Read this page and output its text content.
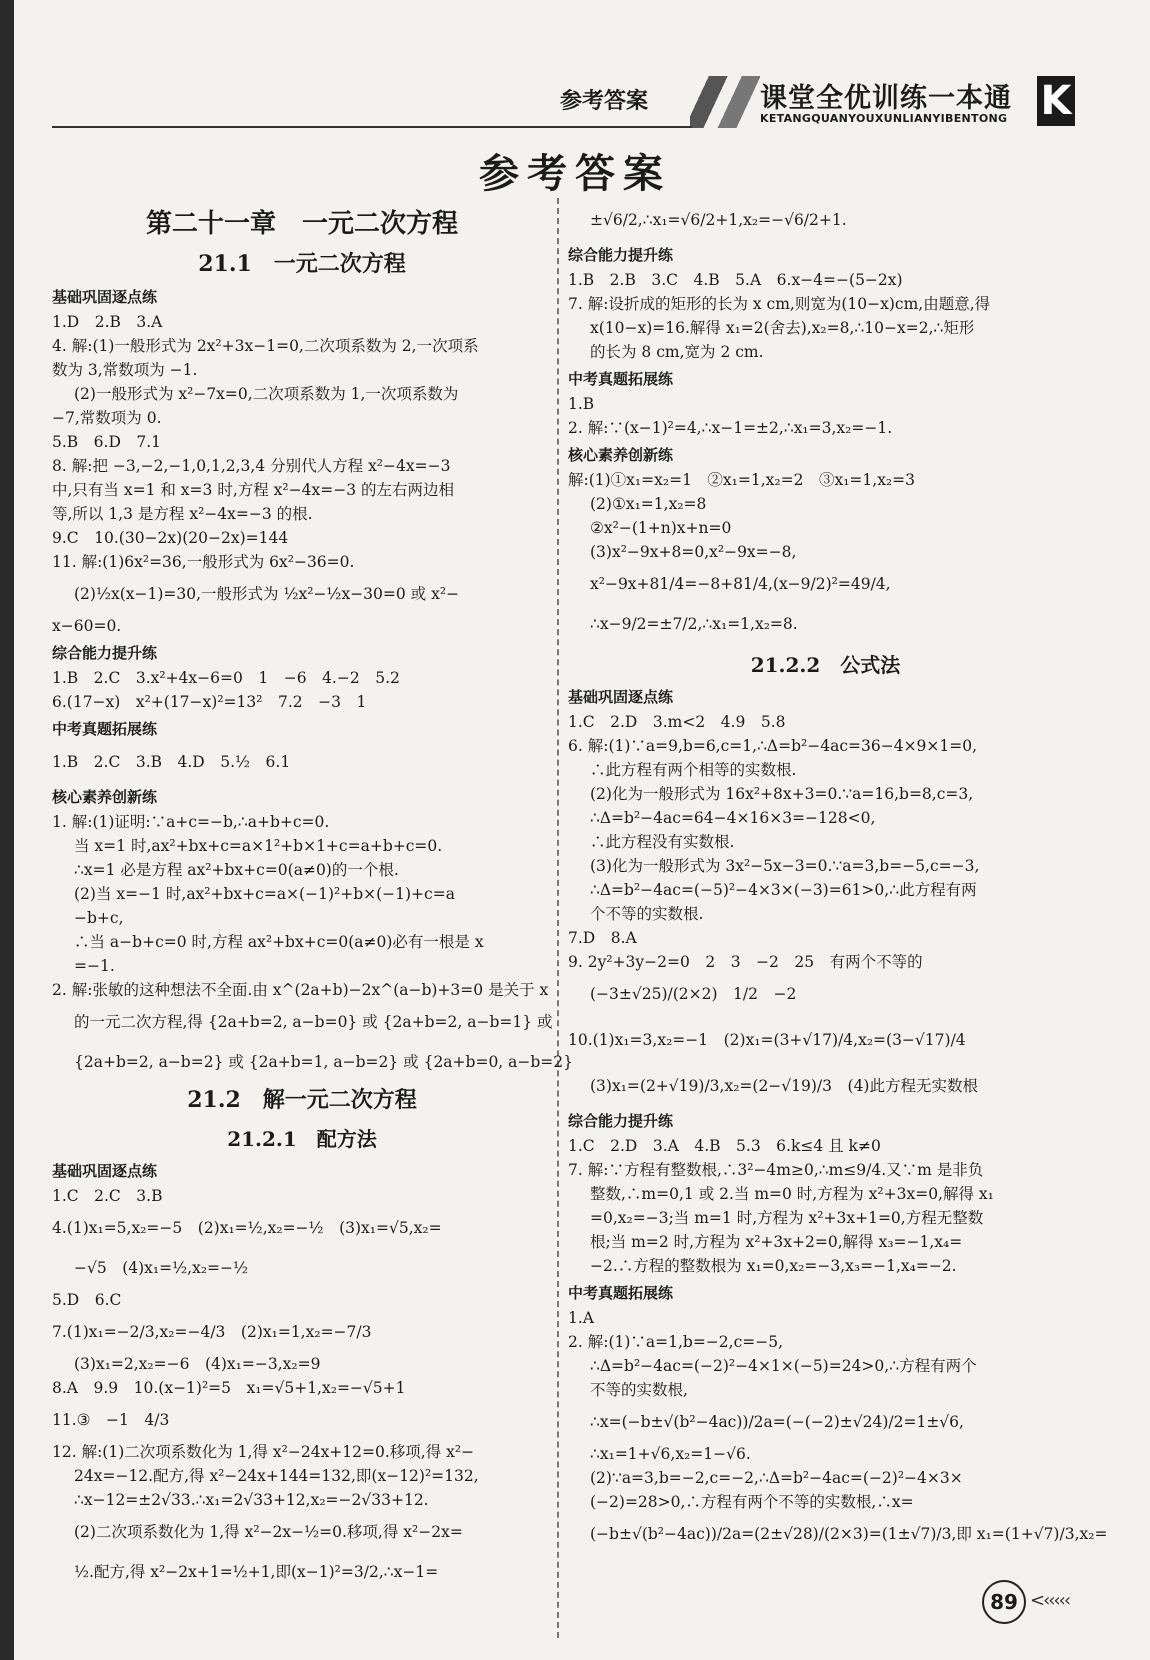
参考答案	课堂全优训练一本通
KETANGQUANYOUXUNLIANYIBENTONG K
参考答案
第二十一章　一元二次方程
21.1　一元二次方程
基础巩固逐点练
1.D　2.B　3.A
4. 解:(1)一般形式为 2x²+3x−1=0,二次项系数为 2,一次项系
数为 3,常数项为 −1.
(2)一般形式为 x²−7x=0,二次项系数为 1,一次项系数为
−7,常数项为 0.
5.B　6.D　7.1
8. 解:把 −3,−2,−1,0,1,2,3,4 分别代人方程 x²−4x=−3
中,只有当 x=1 和 x=3 时,方程 x²−4x=−3 的左右两边相
等,所以 1,3 是方程 x²−4x=−3 的根.
9.C　10.(30−2x)(20−2x)=144
11. 解:(1)6x²=36,一般形式为 6x²−36=0.
(2)½x(x−1)=30,一般形式为 ½x²−½x−30=0 或 x²−
x−60=0.
综合能力提升练
1.B　2.C　3.x²+4x−6=0　1　−6　4.−2　5.2
6.(17−x)　x²+(17−x)²=13²　7.2　−3　1
中考真题拓展练
1.B　2.C　3.B　4.D　5.½　6.1
核心素养创新练
1. 解:(1)证明:∵a+c=−b,∴a+b+c=0.
当 x=1 时,ax²+bx+c=a×1²+b×1+c=a+b+c=0.
∴x=1 必是方程 ax²+bx+c=0(a≠0)的一个根.
(2)当 x=−1 时,ax²+bx+c=a×(−1)²+b×(−1)+c=a
−b+c,
∴当 a−b+c=0 时,方程 ax²+bx+c=0(a≠0)必有一根是 x
=−1.
2. 解:张敏的这种想法不全面.由 x^(2a+b)−2x^(a−b)+3=0 是关于 x
的一元二次方程,得 {2a+b=2, a−b=0} 或 {2a+b=2, a−b=1} 或
{2a+b=2, a−b=2} 或 {2a+b=1, a−b=2} 或 {2a+b=0, a−b=2}
21.2　解一元二次方程
21.2.1　配方法
基础巩固逐点练
1.C　2.C　3.B
4.(1)x₁=5,x₂=−5　(2)x₁=½,x₂=−½　(3)x₁=√5,x₂=
−√5　(4)x₁=½,x₂=−½
5.D　6.C
7.(1)x₁=−2/3,x₂=−4/3　(2)x₁=1,x₂=−7/3
(3)x₁=2,x₂=−6　(4)x₁=−3,x₂=9
8.A　9.9　10.(x−1)²=5　x₁=√5+1,x₂=−√5+1
11.③　−1　4/3
12. 解:(1)二次项系数化为 1,得 x²−24x+12=0.移项,得 x²−
24x=−12.配方,得 x²−24x+144=132,即(x−12)²=132,
∴x−12=±2√33.∴x₁=2√33+12,x₂=−2√33+12.
(2)二次项系数化为 1,得 x²−2x−½=0.移项,得 x²−2x=
½.配方,得 x²−2x+1=½+1,即(x−1)²=3/2,∴x−1=
±√6/2,∴x₁=√6/2+1,x₂=−√6/2+1.
综合能力提升练
1.B　2.B　3.C　4.B　5.A　6.x−4=−(5−2x)
7. 解:设折成的矩形的长为 x cm,则宽为(10−x)cm,由题意,得
x(10−x)=16.解得 x₁=2(舍去),x₂=8,∴10−x=2,∴矩形
的长为 8 cm,宽为 2 cm.
中考真题拓展练
1.B
2. 解:∵(x−1)²=4,∴x−1=±2,∴x₁=3,x₂=−1.
核心素养创新练
解:(1)①x₁=x₂=1　②x₁=1,x₂=2　③x₁=1,x₂=3
(2)①x₁=1,x₂=8
②x²−(1+n)x+n=0
(3)x²−9x+8=0,x²−9x=−8,
x²−9x+81/4=−8+81/4,(x−9/2)²=49/4,
∴x−9/2=±7/2,∴x₁=1,x₂=8.
21.2.2　公式法
基础巩固逐点练
1.C　2.D　3.m<2　4.9　5.8
6. 解:(1)∵a=9,b=6,c=1,∴Δ=b²−4ac=36−4×9×1=0,
∴此方程有两个相等的实数根.
(2)化为一般形式为 16x²+8x+3=0.∵a=16,b=8,c=3,
∴Δ=b²−4ac=64−4×16×3=−128<0,
∴此方程没有实数根.
(3)化为一般形式为 3x²−5x−3=0.∵a=3,b=−5,c=−3,
∴Δ=b²−4ac=(−5)²−4×3×(−3)=61>0,∴此方程有两
个不等的实数根.
7.D　8.A
9. 2y²+3y−2=0　2　3　−2　25　有两个不等的
(−3±√25)/(2×2)　1/2　−2
10.(1)x₁=3,x₂=−1　(2)x₁=(3+√17)/4,x₂=(3−√17)/4
(3)x₁=(2+√19)/3,x₂=(2−√19)/3　(4)此方程无实数根
综合能力提升练
1.C　2.D　3.A　4.B　5.3　6.k≤4 且 k≠0
7. 解:∵方程有整数根,∴3²−4m≥0,∴m≤9/4.又∵m 是非负
整数,∴m=0,1 或 2.当 m=0 时,方程为 x²+3x=0,解得 x₁
=0,x₂=−3;当 m=1 时,方程为 x²+3x+1=0,方程无整数
根;当 m=2 时,方程为 x²+3x+2=0,解得 x₃=−1,x₄=
−2.∴方程的整数根为 x₁=0,x₂=−3,x₃=−1,x₄=−2.
中考真题拓展练
1.A
2. 解:(1)∵a=1,b=−2,c=−5,
∴Δ=b²−4ac=(−2)²−4×1×(−5)=24>0,∴方程有两个
不等的实数根,
∴x=(−b±√(b²−4ac))/2a=(−(−2)±√24)/2=1±√6,
∴x₁=1+√6,x₂=1−√6.
(2)∵a=3,b=−2,c=−2,∴Δ=b²−4ac=(−2)²−4×3×
(−2)=28>0,∴方程有两个不等的实数根,∴x=
(−b±√(b²−4ac))/2a=(2±√28)/(2×3)=(1±√7)/3,即 x₁=(1+√7)/3,x₂=
89 <‹‹‹‹‹
